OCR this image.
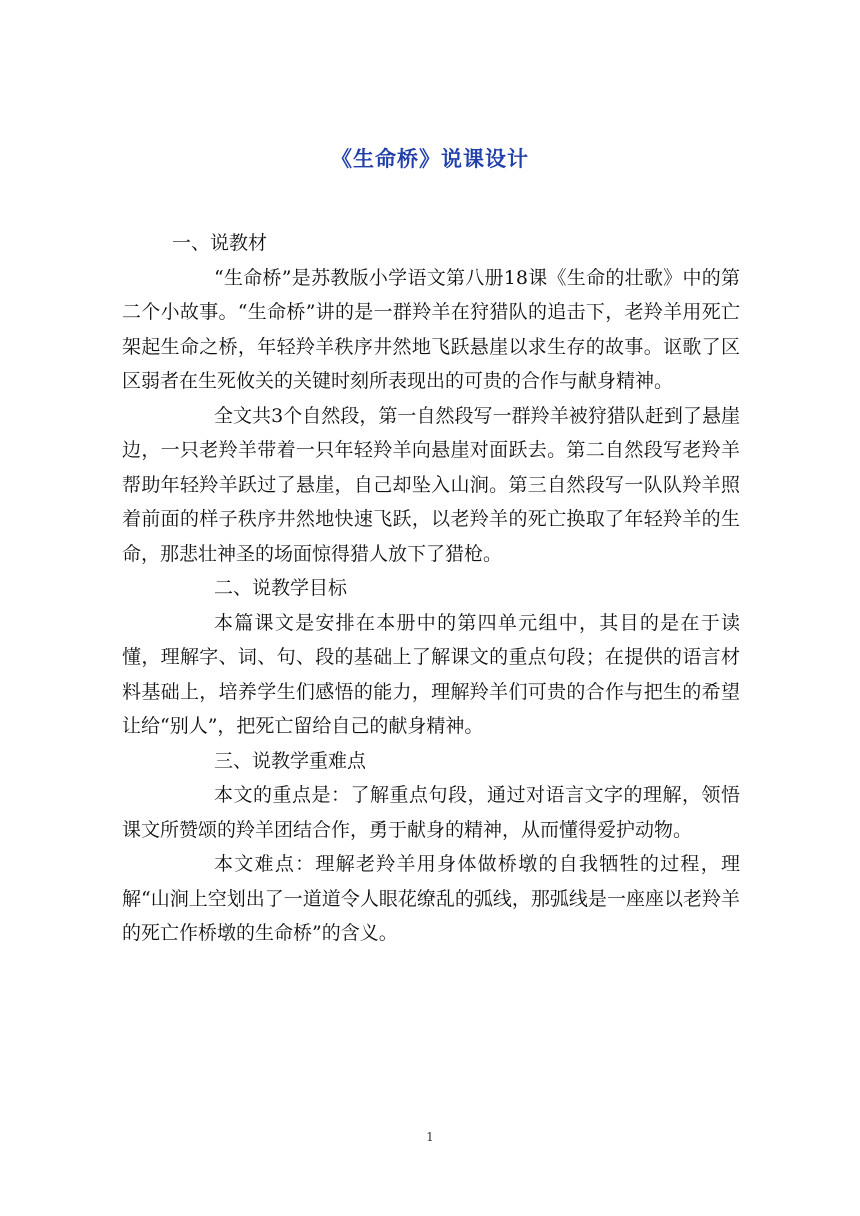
《生命桥》说课设计

一、说教材

“生命桥”是苏教版小学语文第八册18课《生命的壮歌》中的第二个小故事。“生命桥”讲的是一群羚羊在狩猎队的追击下，老羚羊用死亡架起生命之桥，年轻羚羊秩序井然地飞跃悬崖以求生存的故事。讴歌了区区弱者在生死攸关的关键时刻所表现出的可贵的合作与献身精神。

全文共3个自然段，第一自然段写一群羚羊被狩猎队赶到了悬崖边，一只老羚羊带着一只年轻羚羊向悬崖对面跃去。第二自然段写老羚羊帮助年轻羚羊跃过了悬崖，自己却坠入山涧。第三自然段写一队队羚羊照着前面的样子秩序井然地快速飞跃，以老羚羊的死亡换取了年轻羚羊的生命，那悲壮神圣的场面惊得猎人放下了猎枪。

二、说教学目标

本篇课文是安排在本册中的第四单元组中，其目的是在于读懂，理解字、词、句、段的基础上了解课文的重点句段；在提供的语言材料基础上，培养学生们感悟的能力，理解羚羊们可贵的合作与把生的希望让给“别人”，把死亡留给自己的献身精神。

三、说教学重难点

本文的重点是：了解重点句段，通过对语言文字的理解，领悟课文所赞颂的羚羊团结合作，勇于献身的精神，从而懂得爱护动物。

本文难点：理解老羚羊用身体做桥墩的自我牺牲的过程，理解“山涧上空划出了一道道令人眼花缭乱的弧线，那弧线是一座座以老羚羊的死亡作桥墩的生命桥”的含义。

1
